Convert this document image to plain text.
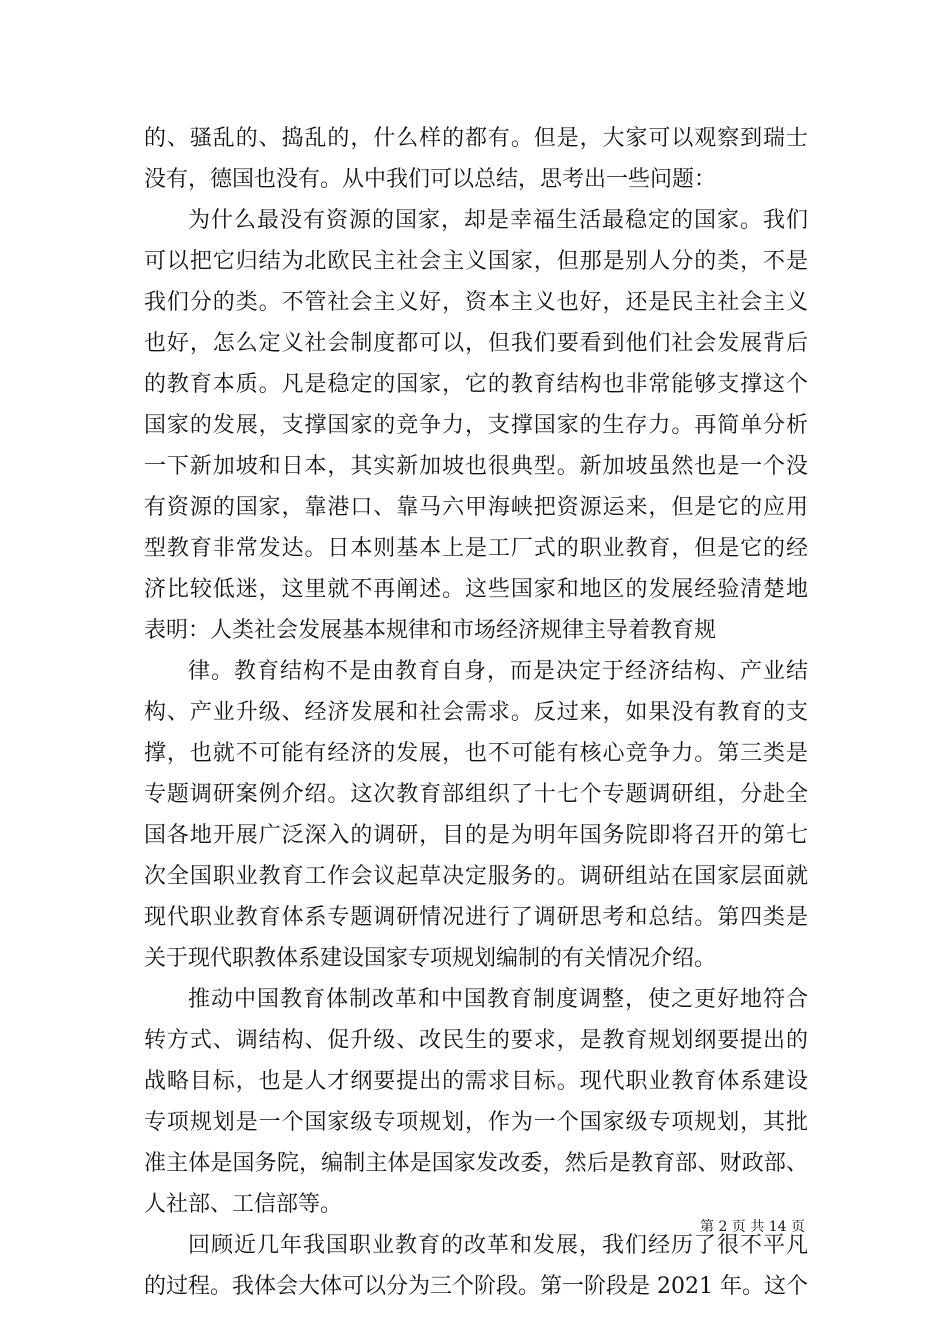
的、骚乱的、捣乱的，什么样的都有。但是，大家可以观察到瑞士
没有，德国也没有。从中我们可以总结，思考出一些问题：
为什么最没有资源的国家，却是幸福生活最稳定的国家。我们
可以把它归结为北欧民主社会主义国家，但那是别人分的类，不是
我们分的类。不管社会主义好，资本主义也好，还是民主社会主义
也好，怎么定义社会制度都可以，但我们要看到他们社会发展背后
的教育本质。凡是稳定的国家，它的教育结构也非常能够支撑这个
国家的发展，支撑国家的竞争力，支撑国家的生存力。再简单分析
一下新加坡和日本，其实新加坡也很典型。新加坡虽然也是一个没
有资源的国家，靠港口、靠马六甲海峡把资源运来，但是它的应用
型教育非常发达。日本则基本上是工厂式的职业教育，但是它的经
济比较低迷，这里就不再阐述。这些国家和地区的发展经验清楚地
表明：人类社会发展基本规律和市场经济规律主导着教育规
律。教育结构不是由教育自身，而是决定于经济结构、产业结
构、产业升级、经济发展和社会需求。反过来，如果没有教育的支
撑，也就不可能有经济的发展，也不可能有核心竞争力。第三类是
专题调研案例介绍。这次教育部组织了十七个专题调研组，分赴全
国各地开展广泛深入的调研，目的是为明年国务院即将召开的第七
次全国职业教育工作会议起草决定服务的。调研组站在国家层面就
现代职业教育体系专题调研情况进行了调研思考和总结。第四类是
关于现代职教体系建设国家专项规划编制的有关情况介绍。
推动中国教育体制改革和中国教育制度调整，使之更好地符合
转方式、调结构、促升级、改民生的要求，是教育规划纲要提出的
战略目标，也是人才纲要提出的需求目标。现代职业教育体系建设
专项规划是一个国家级专项规划，作为一个国家级专项规划，其批
准主体是国务院，编制主体是国家发改委，然后是教育部、财政部、
人社部、工信部等。
回顾近几年我国职业教育的改革和发展，我们经历了很不平凡
的过程。我体会大体可以分为三个阶段。第一阶段是 2021 年。这个
第 2 页 共 14 页
